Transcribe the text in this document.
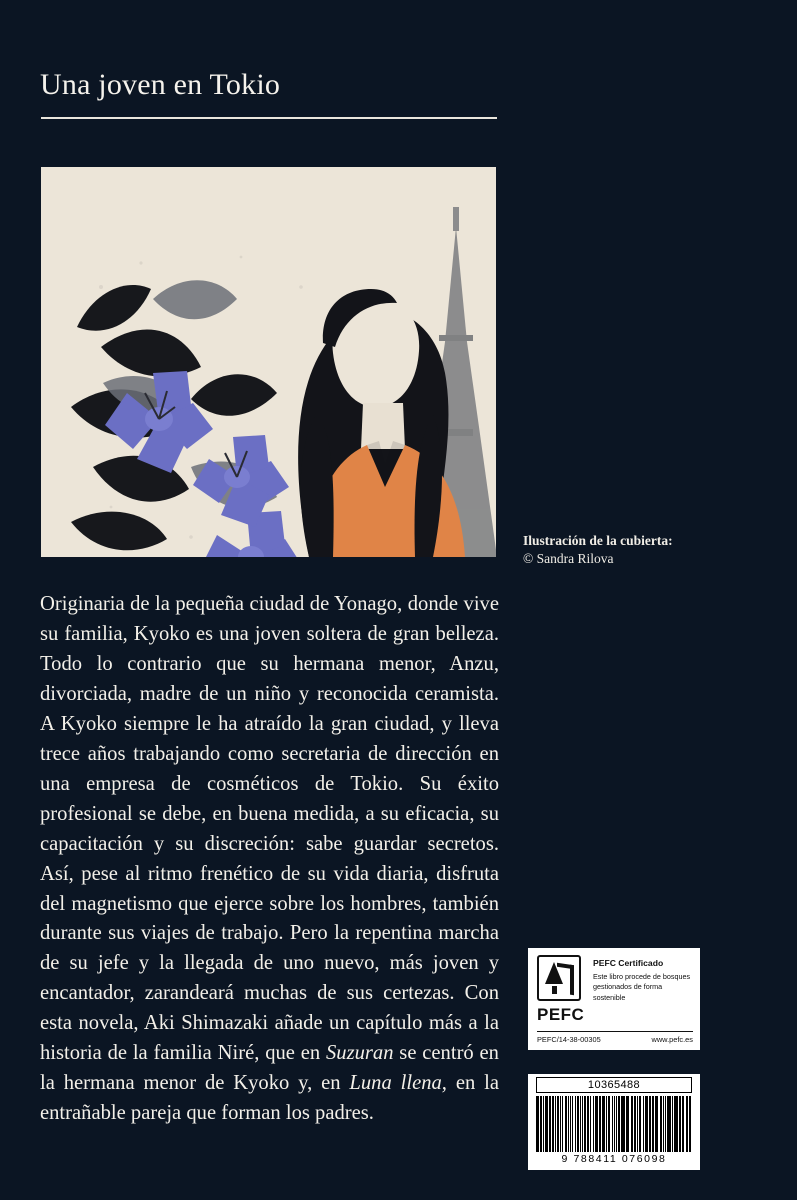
Una joven en Tokio
Ilustración de la cubierta:
© Sandra Rilova
Originaria de la pequeña ciudad de Yonago, donde vive su familia, Kyoko es una joven soltera de gran belleza. Todo lo contrario que su hermana menor, Anzu, divorciada, madre de un niño y reconocida ceramista. A Kyoko siempre le ha atraído la gran ciudad, y lleva trece años trabajando como secretaria de dirección en una empresa de cosméticos de Tokio. Su éxito profesional se debe, en buena medida, a su eficacia, su capacitación y su discreción: sabe guardar secretos. Así, pese al ritmo frenético de su vida diaria, disfruta del magnetismo que ejerce sobre los hombres, también durante sus viajes de trabajo. Pero la repentina marcha de su jefe y la llegada de uno nuevo, más joven y encantador, zarandeará muchas de sus certezas. Con esta novela, Aki Shimazaki añade un capítulo más a la historia de la familia Niré, que en Suzuran se centró en la hermana menor de Kyoko y, en Luna llena, en la entrañable pareja que forman los padres.
PEFC
PEFC Certificado
Este libro procede de bosques gestionados de forma sostenible
PEFC/14-38-00305	www.pefc.es
10365488
9 788411 076098
